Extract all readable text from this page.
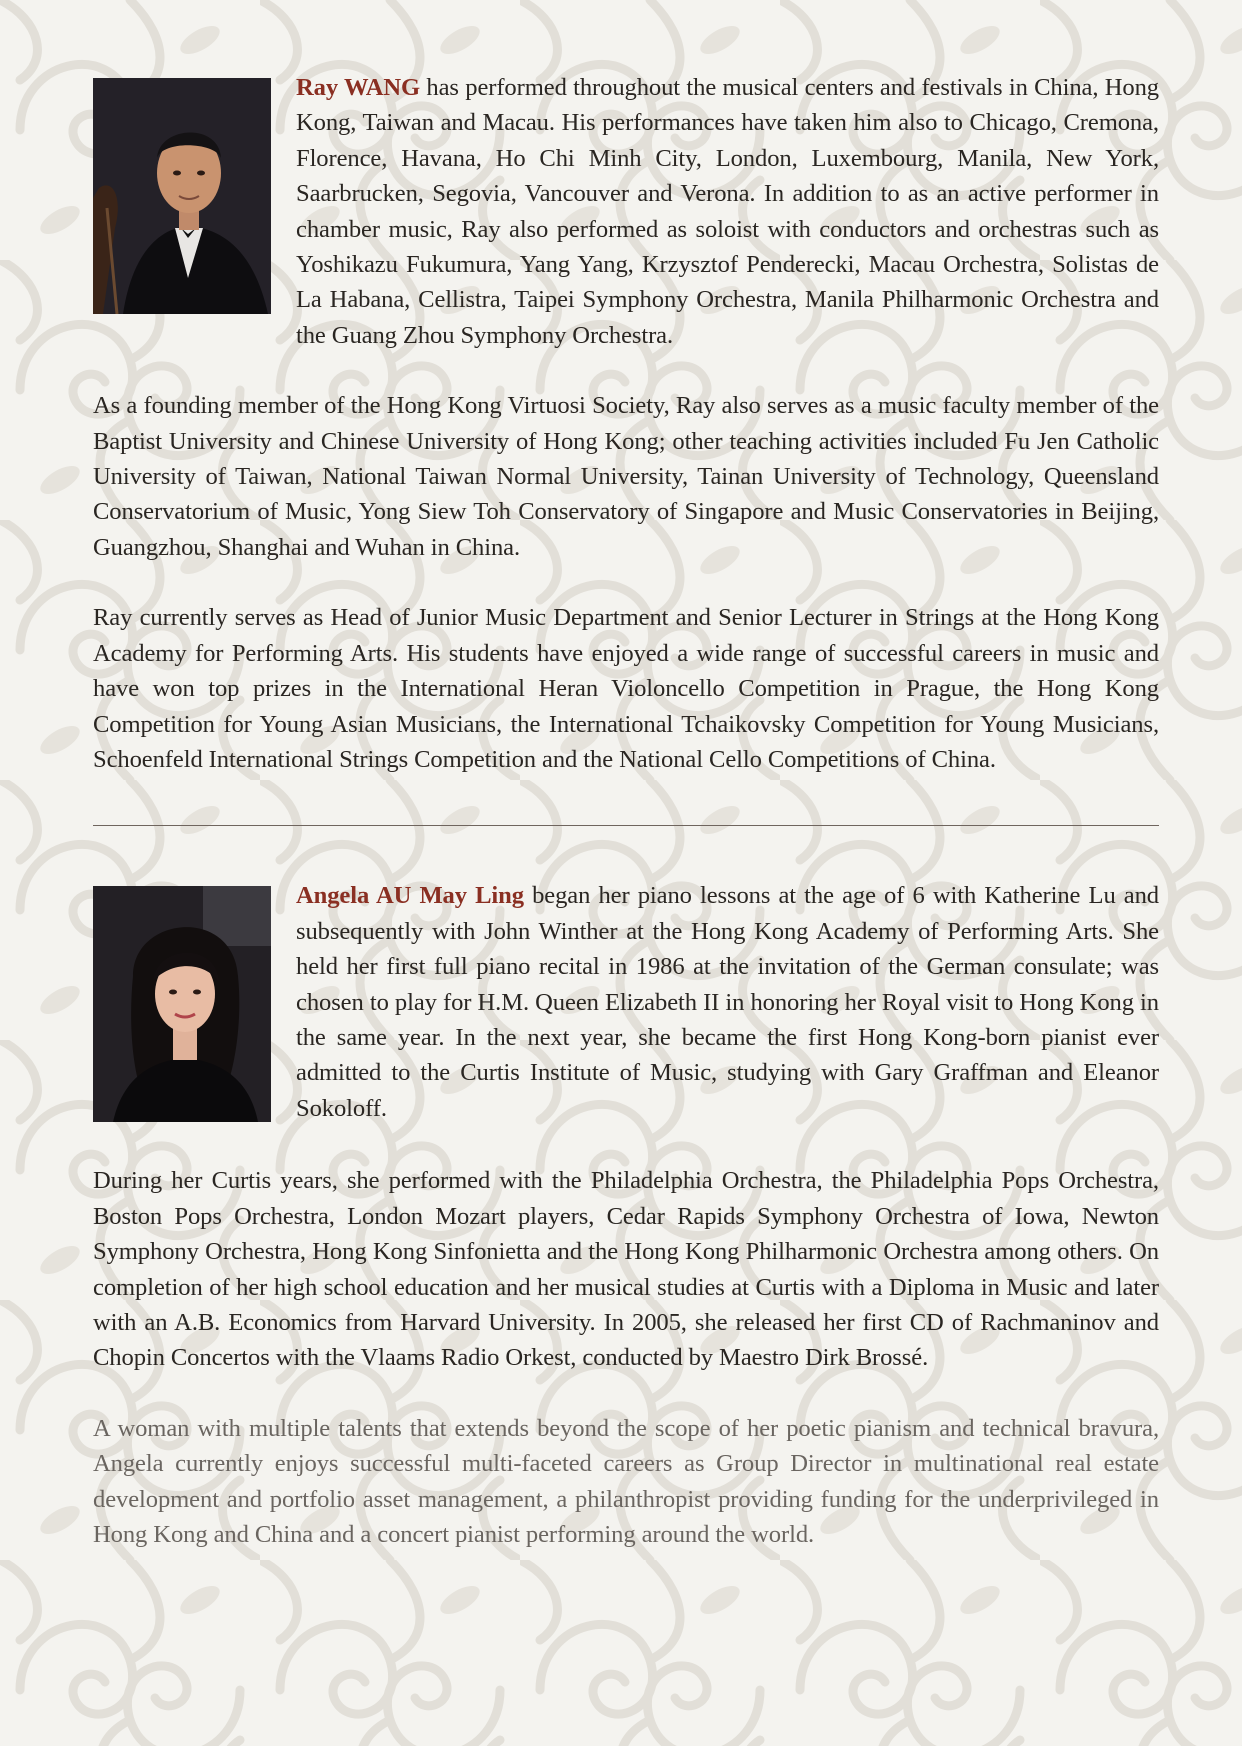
Ray WANG has performed throughout the musical centers and festivals in China, Hong Kong, Taiwan and Macau. His performances have taken him also to Chicago, Cremona, Florence, Havana, Ho Chi Minh City, London, Luxembourg, Manila, New York, Saarbrucken, Segovia, Vancouver and Verona. In addition to as an active performer in chamber music, Ray also performed as soloist with conductors and orchestras such as Yoshikazu Fukumura, Yang Yang, Krzysztof Penderecki, Macau Orchestra, Solistas de La Habana, Cellistra, Taipei Symphony Orchestra, Manila Philharmonic Orchestra and the Guang Zhou Symphony Orchestra.

As a founding member of the Hong Kong Virtuosi Society, Ray also serves as a music faculty member of the Baptist University and Chinese University of Hong Kong; other teaching activities included Fu Jen Catholic University of Taiwan, National Taiwan Normal University, Tainan University of Technology, Queensland Conservatorium of Music, Yong Siew Toh Conservatory of Singapore and Music Conservatories in Beijing, Guangzhou, Shanghai and Wuhan in China.

Ray currently serves as Head of Junior Music Department and Senior Lecturer in Strings at the Hong Kong Academy for Performing Arts. His students have enjoyed a wide range of successful careers in music and have won top prizes in the International Heran Violoncello Competition in Prague, the Hong Kong Competition for Young Asian Musicians, the International Tchaikovsky Competition for Young Musicians, Schoenfeld International Strings Competition and the National Cello Competitions of China.

Angela AU May Ling began her piano lessons at the age of 6 with Katherine Lu and subsequently with John Winther at the Hong Kong Academy of Performing Arts. She held her first full piano recital in 1986 at the invitation of the German consulate; was chosen to play for H.M. Queen Elizabeth II in honoring her Royal visit to Hong Kong in the same year. In the next year, she became the first Hong Kong-born pianist ever admitted to the Curtis Institute of Music, studying with Gary Graffman and Eleanor Sokoloff.

During her Curtis years, she performed with the Philadelphia Orchestra, the Philadelphia Pops Orchestra, Boston Pops Orchestra, London Mozart players, Cedar Rapids Symphony Orchestra of Iowa, Newton Symphony Orchestra, Hong Kong Sinfonietta and the Hong Kong Philharmonic Orchestra among others. On completion of her high school education and her musical studies at Curtis with a Diploma in Music and later with an A.B. Economics from Harvard University. In 2005, she released her first CD of Rachmaninov and Chopin Concertos with the Vlaams Radio Orkest, conducted by Maestro Dirk Brossé.

A woman with multiple talents that extends beyond the scope of her poetic pianism and technical bravura, Angela currently enjoys successful multi-faceted careers as Group Director in multinational real estate development and portfolio asset management, a philanthropist providing funding for the underprivileged in Hong Kong and China and a concert pianist performing around the world.
